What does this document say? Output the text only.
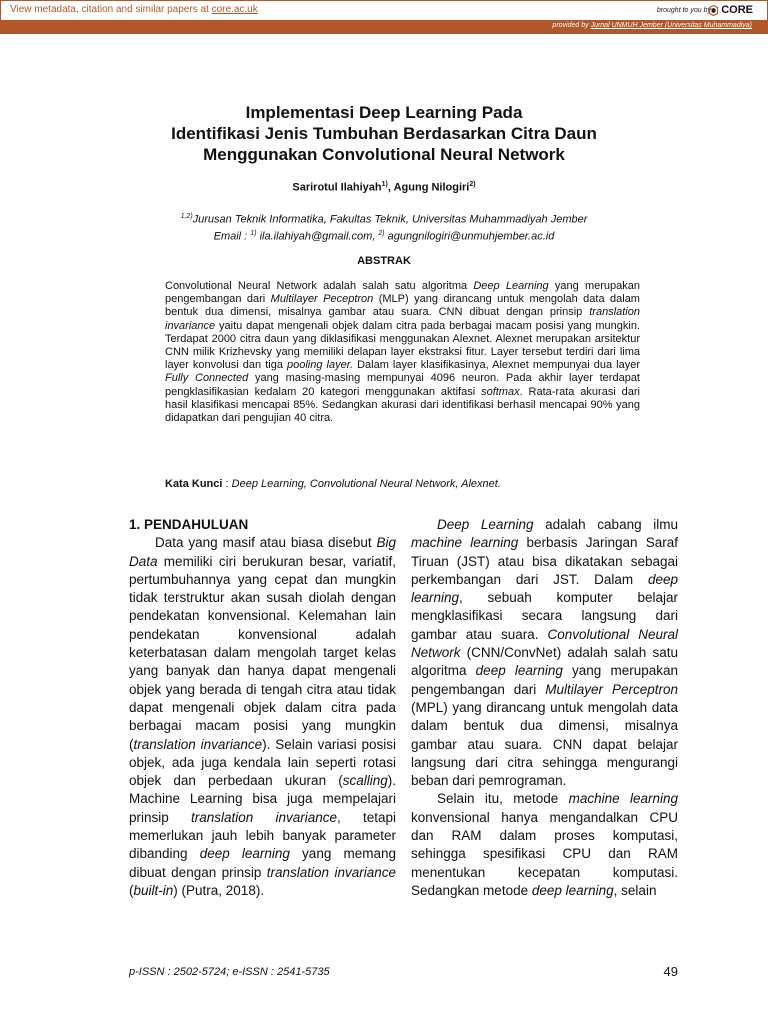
View metadata, citation and similar papers at core.ac.uk	brought to you by CORE
provided by Jurnal UNMUH Jember (Universitas Muhammadiya)
Implementasi Deep Learning Pada
Identifikasi Jenis Tumbuhan Berdasarkan Citra Daun
Menggunakan Convolutional Neural Network
Sarirotul Ilahiyah$^{1)}$, Agung Nilogiri$^{2)}$
$^{1,2)}$Jurusan Teknik Informatika, Fakultas Teknik, Universitas Muhammadiyah Jember
Email : $^{1)}$ ila.ilahiyah@gmail.com, $^{2)}$ agungnilogiri@unmuhjember.ac.id
ABSTRAK
Convolutional Neural Network adalah salah satu algoritma Deep Learning yang merupakan pengembangan dari Multilayer Peceptron (MLP) yang dirancang untuk mengolah data dalam bentuk dua dimensi, misalnya gambar atau suara. CNN dibuat dengan prinsip translation invariance yaitu dapat mengenali objek dalam citra pada berbagai macam posisi yang mungkin. Terdapat 2000 citra daun yang diklasifikasi menggunakan Alexnet. Alexnet merupakan arsitektur CNN milik Krizhevsky yang memiliki delapan layer ekstraksi fitur. Layer tersebut terdiri dari lima layer konvolusi dan tiga pooling layer. Dalam layer klasifikasinya, Alexnet mempunyai dua layer Fully Connected yang masing-masing mempunyai 4096 neuron. Pada akhir layer terdapat pengklasifikasian kedalam 20 kategori menggunakan aktifasi softmax. Rata-rata akurasi dari hasil klasifikasi mencapai 85%. Sedangkan akurasi dari identifikasi berhasil mencapai 90% yang didapatkan dari pengujian 40 citra.
Kata Kunci : Deep Learning, Convolutional Neural Network, Alexnet.
1. PENDAHULUAN

Data yang masif atau biasa disebut Big Data memiliki ciri berukuran besar, variatif, pertumbuhannya yang cepat dan mungkin tidak terstruktur akan susah diolah dengan pendekatan konvensional. Kelemahan lain pendekatan konvensional adalah keterbatasan dalam mengolah target kelas yang banyak dan hanya dapat mengenali objek yang berada di tengah citra atau tidak dapat mengenali objek dalam citra pada berbagai macam posisi yang mungkin (translation invariance). Selain variasi posisi objek, ada juga kendala lain seperti rotasi objek dan perbedaan ukuran (scalling). Machine Learning bisa juga mempelajari prinsip translation invariance, tetapi memerlukan jauh lebih banyak parameter dibanding deep learning yang memang dibuat dengan prinsip translation invariance (built-in) (Putra, 2018).

Deep Learning adalah cabang ilmu machine learning berbasis Jaringan Saraf Tiruan (JST) atau bisa dikatakan sebagai perkembangan dari JST. Dalam deep learning, sebuah komputer belajar mengklasifikasi secara langsung dari gambar atau suara. Convolutional Neural Network (CNN/ConvNet) adalah salah satu algoritma deep learning yang merupakan pengembangan dari Multilayer Perceptron (MPL) yang dirancang untuk mengolah data dalam bentuk dua dimensi, misalnya gambar atau suara. CNN dapat belajar langsung dari citra sehingga mengurangi beban dari pemrograman.

Selain itu, metode machine learning konvensional hanya mengandalkan CPU dan RAM dalam proses komputasi, sehingga spesifikasi CPU dan RAM menentukan kecepatan komputasi. Sedangkan metode deep learning, selain

p-ISSN : 2502-5724; e-ISSN : 2541-5735	49
